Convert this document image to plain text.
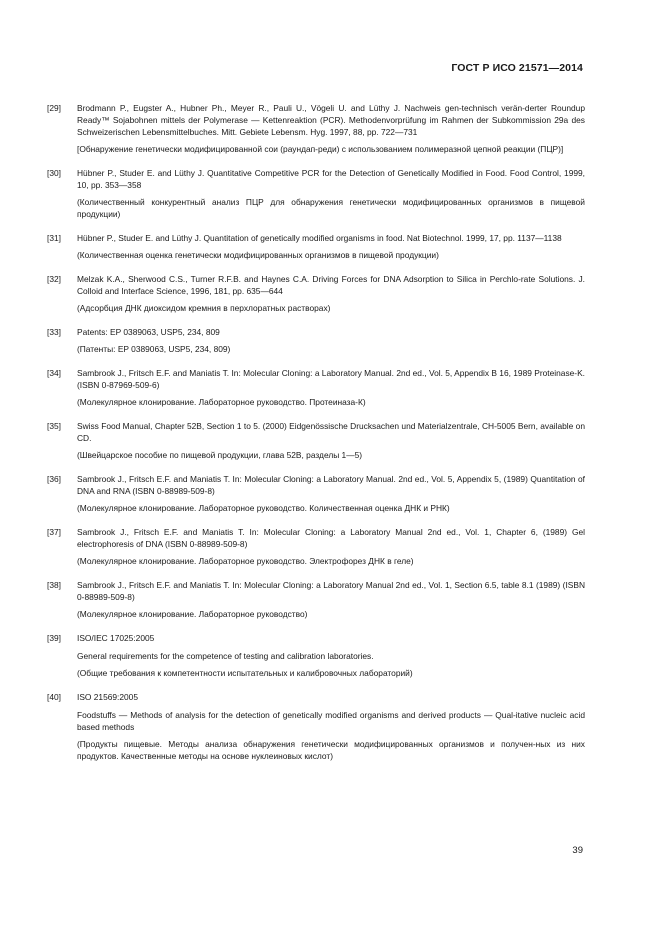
ГОСТ Р ИСО 21571—2014
[29]	Brodmann P., Eugster A., Hubner Ph., Meyer R., Pauli U., Vögeli U. and Lüthy J. Nachweis gen-technisch verän-derter Roundup Ready™ Sojabohnen mittels der Polymerase — Kettenreaktion (PCR). Methodenvorprüfung im Rahmen der Subkommission 29a des Schweizerischen Lebensmittelbuches. Mitt. Gebiete Lebensm. Hyg. 1997, 88, pp. 722—731

[Обнаружение генетически модифицированной сои (раундап-реди) с использованием полимеразной цепной реакции (ПЦР)]

[30]	Hübner P., Studer E. and Lüthy J. Quantitative Competitive PCR for the Detection of Genetically Modified in Food. Food Control, 1999, 10, pp. 353—358

(Количественный конкурентный анализ ПЦР для обнаружения генетически модифицированных организмов в пищевой продукции)

[31]	Hübner P., Studer E. and Lüthy J. Quantitation of genetically modified organisms in food. Nat Biotechnol. 1999, 17, pp. 1137—1138

(Количественная оценка генетически модифицированных организмов в пищевой продукции)

[32]	Melzak K.A., Sherwood C.S., Turner R.F.B. and Haynes C.A. Driving Forces for DNA Adsorption to Silica in Perchlo-rate Solutions. J. Colloid and Interface Science, 1996, 181, pp. 635—644

(Адсорбция ДНК диоксидом кремния в перхлоратных растворах)

[33]	Patents: EP 0389063, USP5, 234, 809

(Патенты: EP 0389063, USP5, 234, 809)

[34]	Sambrook J., Fritsch E.F. and Maniatis T. In: Molecular Cloning: a Laboratory Manual. 2nd ed., Vol. 5, Appendix B 16, 1989 Proteinase-K. (ISBN 0-87969-509-6)

(Молекулярное клонирование. Лабораторное руководство. Протеиназа-К)

[35]	Swiss Food Manual, Chapter 52B, Section 1 to 5. (2000) Eidgenössische Drucksachen und Materialzentrale, CH-5005 Bern, available on CD.

(Швейцарское пособие по пищевой продукции, глава 52В, разделы 1—5)

[36]	Sambrook J., Fritsch E.F. and Maniatis T. In: Molecular Cloning: a Laboratory Manual. 2nd ed., Vol. 5, Appendix 5, (1989) Quantitation of DNA and RNA (ISBN 0-88989-509-8)

(Молекулярное клонирование. Лабораторное руководство. Количественная оценка ДНК и РНК)

[37]	Sambrook J., Fritsch E.F. and Maniatis T. In: Molecular Cloning: a Laboratory Manual 2nd ed., Vol. 1, Chapter 6, (1989) Gel electrophoresis of DNA (ISBN 0-88989-509-8)

(Молекулярное клонирование. Лабораторное руководство. Электрофорез ДНК в геле)

[38]	Sambrook J., Fritsch E.F. and Maniatis T. In: Molecular Cloning: a Laboratory Manual 2nd ed., Vol. 1, Section 6.5, table 8.1 (1989) (ISBN 0-88989-509-8)

(Молекулярное клонирование. Лабораторное руководство)

[39]	ISO/IEC 17025:2005

General requirements for the competence of testing and calibration laboratories.

(Общие требования к компетентности испытательных и калибровочных лабораторий)

[40]	ISO 21569:2005

Foodstuffs — Methods of analysis for the detection of genetically modified organisms and derived products — Qual-itative nucleic acid based methods

(Продукты пищевые. Методы анализа обнаружения генетически модифицированных организмов и получен-ных из них продуктов. Качественные методы на основе нуклеиновых кислот)

39
